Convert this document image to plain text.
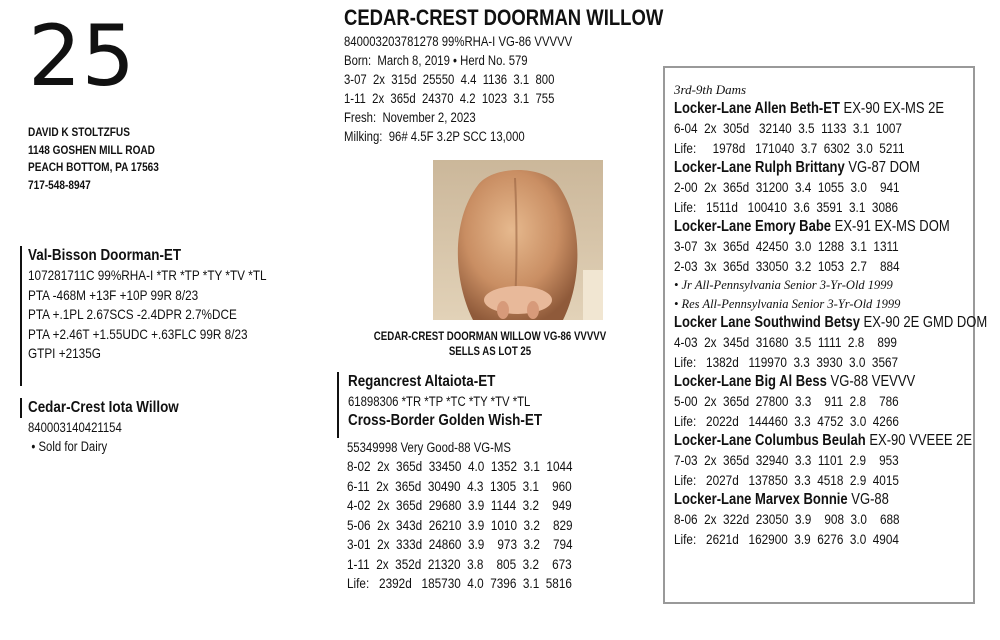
25
DAVID K STOLTZFUS
1148 GOSHEN MILL ROAD
PEACH BOTTOM, PA 17563
717-548-8947
Val-Bisson Doorman-ET
107281711C 99%RHA-I *TR *TP *TY *TV *TL
PTA -468M +13F +10P 99R 8/23
PTA +.1PL 2.67SCS -2.4DPR 2.7%DCE
PTA +2.46T +1.55UDC +.63FLC 99R 8/23
GTPI +2135G
Cedar-Crest Iota Willow
840003140421154
• Sold for Dairy
CEDAR-CREST DOORMAN WILLOW
840003203781278 99%RHA-I VG-86 VVVVV
Born:  March 8, 2019 • Herd No. 579
3-07  2x  315d  25550  4.4  1136  3.1  800
1-11  2x  365d  24370  4.2  1023  3.1  755
Fresh:  November 2, 2023
Milking:  96# 4.5F 3.2P SCC 13,000
CEDAR-CREST DOORMAN WILLOW VG-86 VVVVV
SELLS AS LOT 25
Regancrest Altaiota-ET
61898306 *TR *TP *TC *TY *TV *TL
Cross-Border Golden Wish-ET
55349998 Very Good-88 VG-MS
8-02  2x  365d  33450  4.0  1352  3.1  1044
6-11  2x  365d  30490  4.3  1305  3.1    960
4-02  2x  365d  29680  3.9  1144  3.2    949
5-06  2x  343d  26210  3.9  1010  3.2    829
3-01  2x  333d  24860  3.9    973  3.2    794
1-11  2x  352d  21320  3.8    805  3.2    673
Life:   2392d   185730  4.0  7396  3.1  5816
3rd-9th Dams
Locker-Lane Allen Beth-ET EX-90 EX-MS 2E
6-04  2x  305d   32140  3.5  1133  3.1  1007
Life:     1978d   171040  3.7  6302  3.0  5211
Locker-Lane Rulph Brittany VG-87 DOM
2-00  2x  365d  31200  3.4  1055  3.0    941
Life:   1511d   100410  3.6  3591  3.1  3086
Locker-Lane Emory Babe EX-91 EX-MS DOM
3-07  3x  365d  42450  3.0  1288  3.1  1311
2-03  3x  365d  33050  3.2  1053  2.7    884
• Jr All-Pennsylvania Senior 3-Yr-Old 1999
• Res All-Pennsylvania Senior 3-Yr-Old 1999
Locker Lane Southwind Betsy EX-90 2E GMD DOM
4-03  2x  345d  31680  3.5  1111  2.8    899
Life:   1382d   119970  3.3  3930  3.0  3567
Locker-Lane Big Al Bess VG-88 VEVVV
5-00  2x  365d  27800  3.3    911  2.8    786
Life:   2022d   144460  3.3  4752  3.0  4266
Locker-Lane Columbus Beulah EX-90 VVEEE 2E
7-03  2x  365d  32940  3.3  1101  2.9    953
Life:   2027d   137850  3.3  4518  2.9  4015
Locker-Lane Marvex Bonnie VG-88
8-06  2x  322d  23050  3.9    908  3.0    688
Life:   2621d   162900  3.9  6276  3.0  4904
